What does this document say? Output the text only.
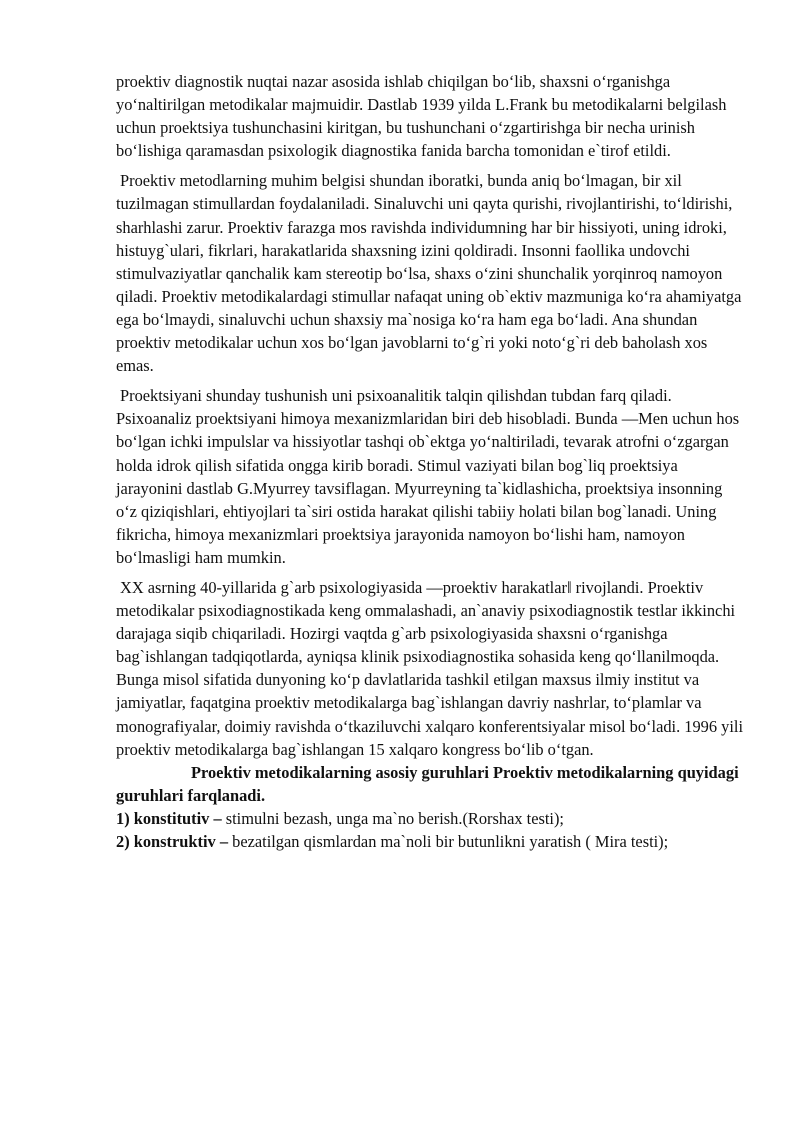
proektiv diagnostik nuqtai nazar asosida ishlab chiqilgan bo‘lib, shaxsni o‘rganishga yo‘naltirilgan metodikalar majmuidir. Dastlab 1939 yilda L.Frank bu metodikalarni belgilash uchun proektsiya tushunchasini kiritgan, bu tushunchani o‘zgartirishga bir necha urinish bo‘lishiga qaramasdan psixologik diagnostika fanida barcha tomonidan e`tirof etildi.

Proektiv metodlarning muhim belgisi shundan iboratki, bunda aniq bo‘lmagan, bir xil tuzilmagan stimullardan foydalaniladi. Sinaluvchi uni qayta qurishi, rivojlantirishi, to‘ldirishi, sharhlashi zarur. Proektiv farazga mos ravishda individumning har bir hissiyoti, uning idroki, histuyg`ulari, fikrlari, harakatlarida shaxsning izini qoldiradi. Insonni faollika undovchi stimulvaziyatlar qanchalik kam stereotip bo‘lsa, shaxs o‘zini shunchalik yorqinroq namoyon qiladi. Proektiv metodikalardagi stimullar nafaqat uning ob`ektiv mazmuniga ko‘ra ahamiyatga ega bo‘lmaydi, sinaluvchi uchun shaxsiy ma`nosiga ko‘ra ham ega bo‘ladi. Ana shundan proektiv metodikalar uchun xos bo‘lgan javoblarni to‘g`ri yoki noto‘g`ri deb baholash xos emas.

Proektsiyani shunday tushunish uni psixoanalitik talqin qilishdan tubdan farq qiladi. Psixoanaliz proektsiyani himoya mexanizmlaridan biri deb hisobladi. Bunda ―Men uchun hos bo‘lgan ichki impulslar va hissiyotlar tashqi ob`ektga yo‘naltiriladi, tevarak atrofni o‘zgargan holda idrok qilish sifatida ongga kirib boradi. Stimul vaziyati bilan bog`liq proektsiya jarayonini dastlab G.Myurrey tavsiflagan. Myurreyning ta`kidlashicha, proektsiya insonning o‘z qiziqishlari, ehtiyojlari ta`siri ostida harakat qilishi tabiiy holati bilan bog`lanadi. Uning fikricha, himoya mexanizmlari proektsiya jarayonida namoyon bo‘lishi ham, namoyon bo‘lmasligi ham mumkin.

XX asrning 40-yillarida g`arb psixologiyasida ―proektiv harakatlar‖ rivojlandi. Proektiv metodikalar psixodiagnostikada keng ommalashadi, an`anaviy psixodiagnostik testlar ikkinchi darajaga siqib chiqariladi. Hozirgi vaqtda g`arb psixologiyasida shaxsni o‘rganishga bag`ishlangan tadqiqotlarda, ayniqsa klinik psixodiagnostika sohasida keng qo‘llanilmoqda. Bunga misol sifatida dunyoning ko‘p davlatlarida tashkil etilgan maxsus ilmiy institut va jamiyatlar, faqatgina proektiv metodikalarga bag`ishlangan davriy nashrlar, to‘plamlar va monografiyalar, doimiy ravishda o‘tkaziluvchi xalqaro konferentsiyalar misol bo‘ladi. 1996 yili proektiv metodikalarga bag`ishlangan 15 xalqaro kongress bo‘lib o‘tgan.

Proektiv metodikalarning asosiy guruhlari Proektiv metodikalarning quyidagi guruhlari farqlanadi.

1) konstitutiv – stimulni bezash, unga ma`no berish.(Rorshax testi);

2) konstruktiv – bezatilgan qismlardan ma`noli bir butunlikni yaratish ( Mira testi);
